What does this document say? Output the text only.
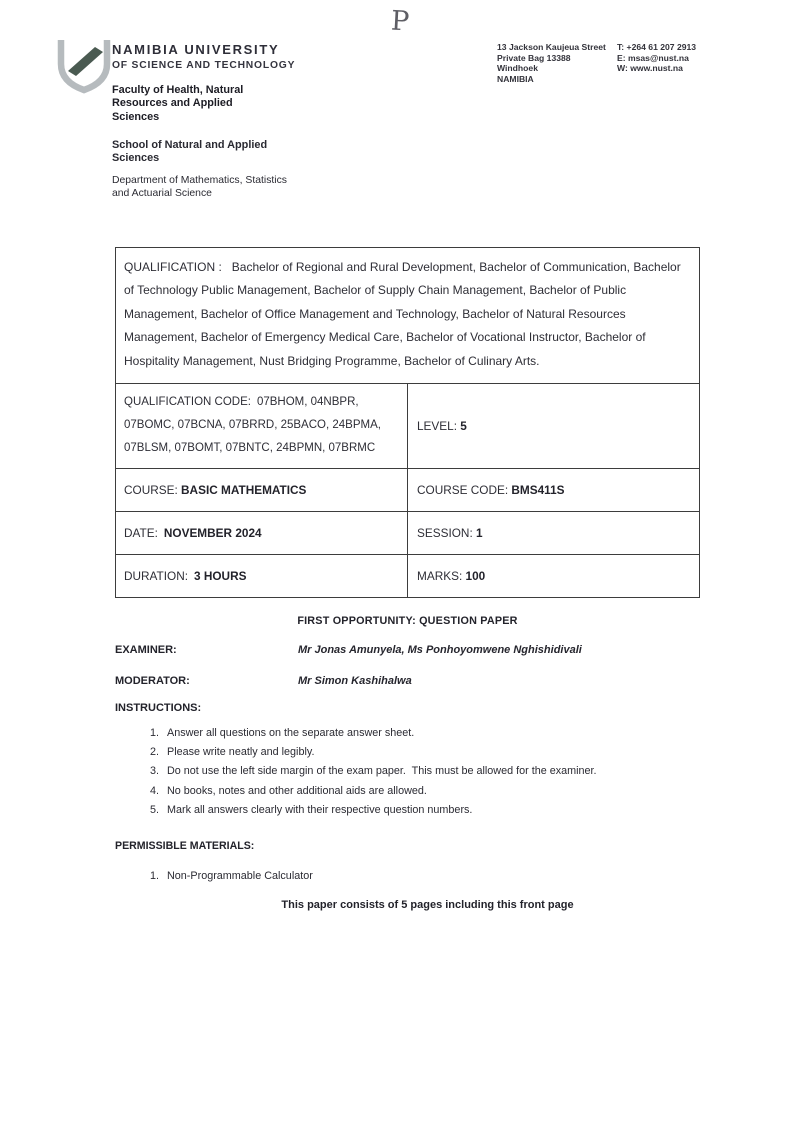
P
NAMIBIA UNIVERSITY
OF SCIENCE AND TECHNOLOGY
13 Jackson Kaujeua Street
Private Bag 13388
Windhoek
NAMIBIA
T: +264 61 207 2913
E: msas@nust.na
W: www.nust.na
Faculty of Health, Natural Resources and Applied Sciences
School of Natural and Applied Sciences
Department of Mathematics, Statistics and Actuarial Science
QUALIFICATION : Bachelor of Regional and Rural Development, Bachelor of Communication, Bachelor of Technology Public Management, Bachelor of Supply Chain Management, Bachelor of Public Management, Bachelor of Office Management and Technology, Bachelor of Natural Resources Management, Bachelor of Emergency Medical Care, Bachelor of Vocational Instructor, Bachelor of Hospitality Management, Nust Bridging Programme, Bachelor of Culinary Arts.	

QUALIFICATION CODE: 07BHOM, 04NBPR, 07BOMC, 07BCNA, 07BRRD, 25BACO, 24BPMA, 07BLSM, 07BOMT, 07BNTC, 24BPMN, 07BRMC	LEVEL: 5
COURSE: BASIC MATHEMATICS	COURSE CODE: BMS411S
DATE: NOVEMBER 2024	SESSION: 1
DURATION: 3 HOURS	MARKS: 100
FIRST OPPORTUNITY: QUESTION PAPER
EXAMINER:	Mr Jonas Amunyela, Ms Ponhoyomwene Nghishidivali
MODERATOR:	Mr Simon Kashihalwa
INSTRUCTIONS:
1. Answer all questions on the separate answer sheet.
2. Please write neatly and legibly.
3. Do not use the left side margin of the exam paper.  This must be allowed for the examiner.
4. No books, notes and other additional aids are allowed.
5. Mark all answers clearly with their respective question numbers.
PERMISSIBLE MATERIALS:
1. Non-Programmable Calculator
This paper consists of 5 pages including this front page
